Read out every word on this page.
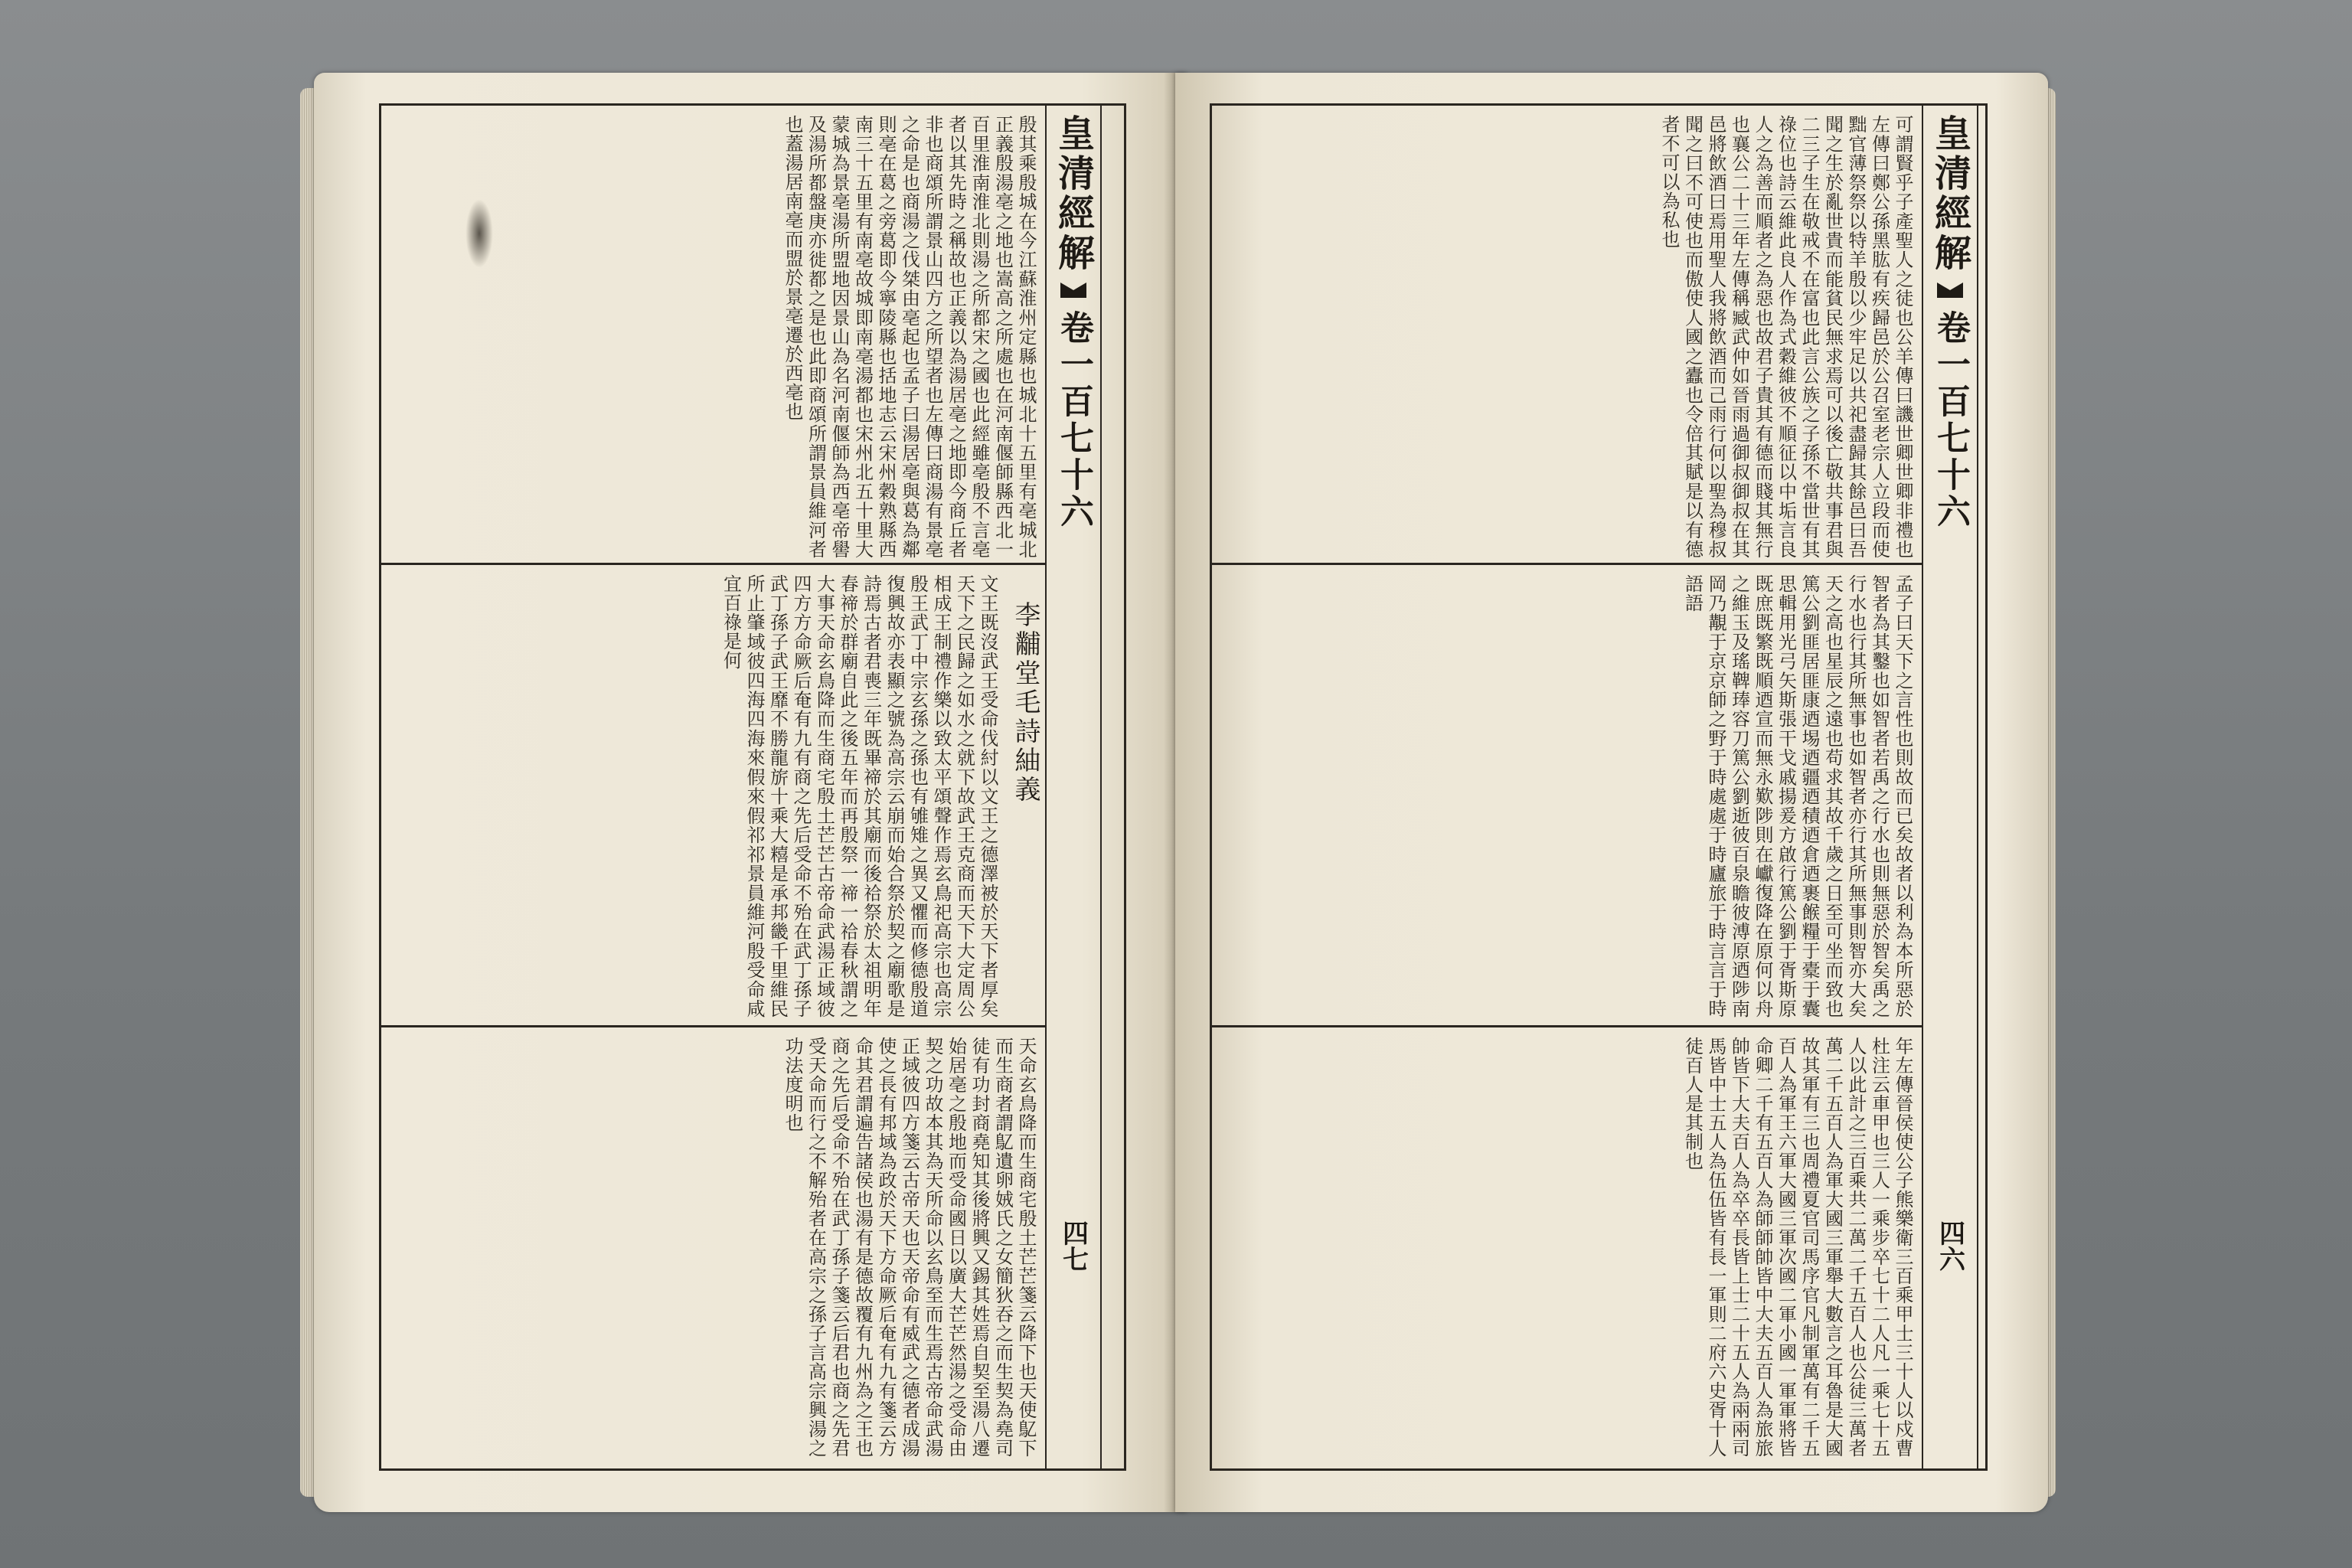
皇清經解
卷一百七十六
四七
李黼堂毛詩紬義
殷其乘殷城在今江蘇淮州定縣也城北十五里有亳城北正義殷湯亳之地也嵩高之所處也在河南偃師縣西北一百里淮南淮北則湯之所都宋之國也此經雖亳殷不言亳者以其先時之稱故也正義以為湯居亳之地即今商丘者非也商頌所謂景山四方之所望者也左傳曰商湯有景亳之命是也商湯之伐桀由亳起也孟子曰湯居亳與葛為鄰則亳在葛之旁葛即今寧陵縣也括地志云宋州穀熟縣西南三十五里有南亳故城即南亳湯都也宋州北五十里大蒙城為景亳湯所盟地因景山為名河南偃師為西亳帝嚳及湯所都盤庚亦徙都之是也此即商頌所謂景員維河者也蓋湯居南亳而盟於景亳遷於西亳也
文王既沒武王受命伐紂以文王之德澤被於天下者厚矣天下之民歸之如水之就下故武王克商而天下大定周公相成王制禮作樂以致太平頌聲作焉玄鳥祀高宗也高宗殷王武丁中宗玄孫之孫也有雊雉之異又懼而修德殷道復興故亦表顯之號為高宗云崩而始合祭於契之廟歌是詩焉古者君喪三年既畢禘於其廟而後祫祭於太祖明年春禘於群廟自此之後五年而再殷祭一禘一祫春秋謂之大事天命玄鳥降而生商宅殷土芒芒古帝命武湯正域彼四方方命厥后奄有九有商之先后受命不殆在武丁孫子武丁孫子武王靡不勝龍旂十乘大糦是承邦畿千里維民所止肇域彼四海四海來假來假祁祁景員維河殷受命咸宜百祿是何
天命玄鳥降而生商宅殷土芒芒箋云降下也天使鳦下而生商者謂鳦遺卵娀氏之女簡狄吞之而生契為堯司徒有功封商堯知其後將興又錫其姓焉自契至湯八遷始居亳之殷地而受命國日以廣大芒芒然湯之受命由契之功故本其為天所命以玄鳥至而生焉古帝命武湯正域彼四方箋云古帝天也天帝命有威武之德者成湯使之長有邦域為政於天下方命厥后奄有九有箋云方命其君謂遍告諸侯也湯有是德故覆有九州為之王也商之先后受命不殆在武丁孫子箋云后君也商之先君受天命而行之不解殆者在高宗之孫子言高宗興湯之功法度明也
皇清經解
卷一百七十六
四六
可謂賢乎子產聖人之徒也公羊傳曰譏世卿世卿非禮也左傳曰鄭公孫黑肱有疾歸邑於公召室老宗人立段而使黜官薄祭祭以特羊殷以少牢足以共祀盡歸其餘邑曰吾聞之生於亂世貴而能貧民無求焉可以後亡敬共事君與二三子生在敬戒不在富也此言公族之子孫不當世有其祿位也詩云維此良人作為式穀維彼不順征以中垢言良人之為善而順者之為惡也故君子貴其有德而賤其無行也襄公二十三年左傳稱臧武仲如晉雨過御叔御叔在其邑將飲酒曰焉用聖人我將飲酒而己雨行何以聖為穆叔聞之曰不可使也而傲使人國之蠹也令倍其賦是以有德者不可以為私也
孟子曰天下之言性也則故而已矣故者以利為本所惡於智者為其鑿也如智者若禹之行水也則無惡於智矣禹之行水也行其所無事也如智者亦行其所無事則智亦大矣天之高也星辰之遠也苟求其故千歲之日至可坐而致也篤公劉匪居匪康迺埸迺疆迺積迺倉迺裹餱糧于橐于囊思輯用光弓矢斯張干戈戚揚爰方啟行篤公劉于胥斯原既庶既繁既順迺宣而無永歎陟則在巘復降在原何以舟之維玉及瑤鞞琫容刀篤公劉逝彼百泉瞻彼溥原迺陟南岡乃覯于京京師之野于時處處于時廬旅于時言言于時語語
年左傳晉侯使公子熊樂衛三百乘甲士三十人以戍曹杜注云車甲也三人一乘步卒七十二人凡一乘七十五人以此計之三百乘共二萬二千五百人也公徒三萬者萬二千五百人為軍大國三軍舉大數言之耳魯是大國故其軍有三也周禮夏官司馬序官凡制軍萬有二千五百人為軍王六軍大國三軍次國二軍小國一軍軍將皆命卿二千有五百人為師師帥皆中大夫五百人為旅旅帥皆下大夫百人為卒卒長皆上士二十五人為兩兩司馬皆中士五人為伍伍皆有長一軍則二府六史胥十人徒百人是其制也
